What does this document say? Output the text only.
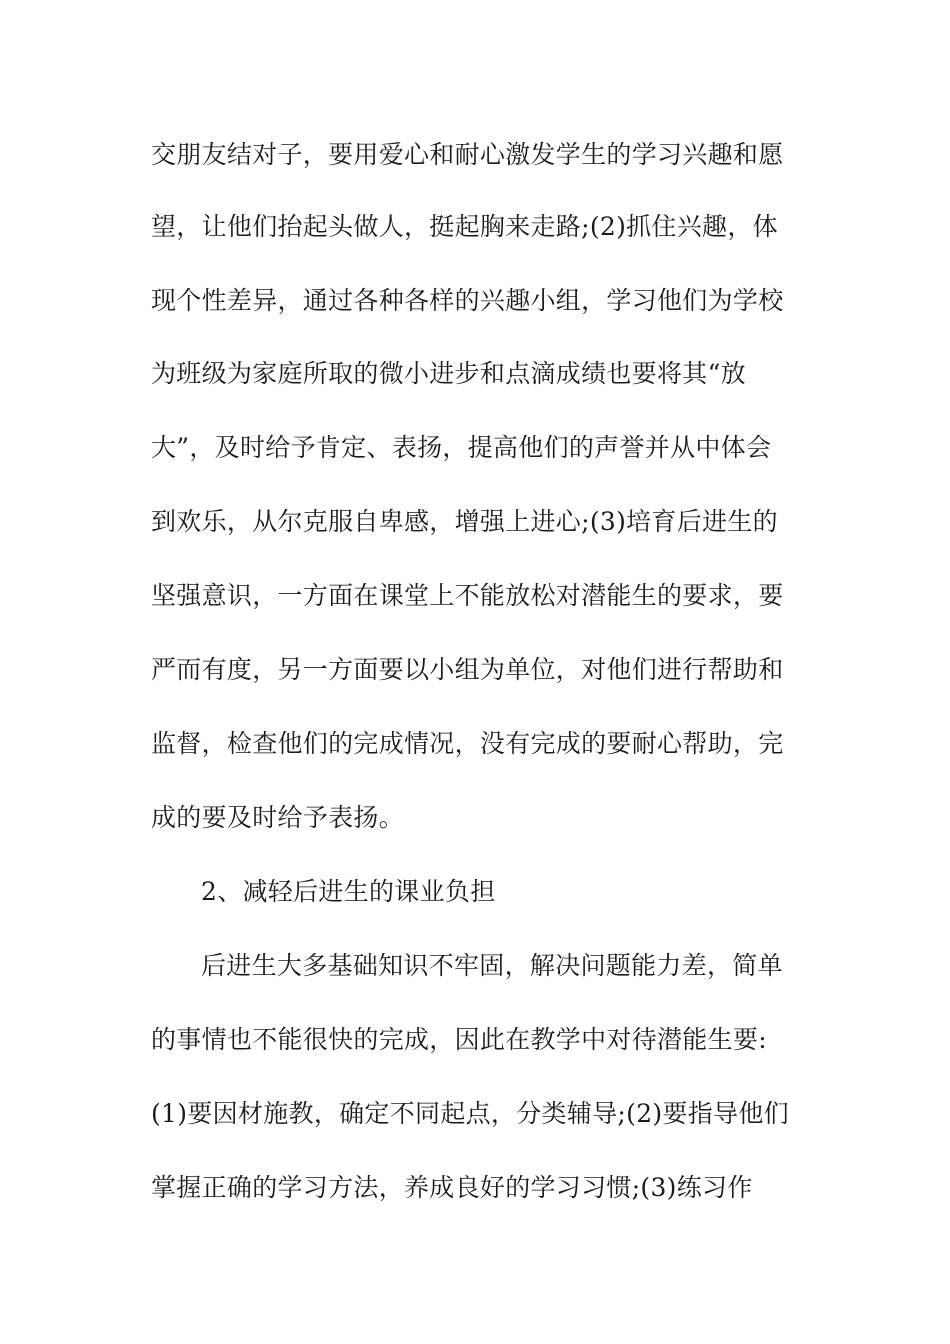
交朋友结对子，要用爱心和耐心激发学生的学习兴趣和愿
望，让他们抬起头做人，挺起胸来走路;(2)抓住兴趣，体
现个性差异，通过各种各样的兴趣小组，学习他们为学校
为班级为家庭所取的微小进步和点滴成绩也要将其“放
大”，及时给予肯定、表扬，提高他们的声誉并从中体会
到欢乐，从尔克服自卑感，增强上进心;(3)培育后进生的
坚强意识，一方面在课堂上不能放松对潜能生的要求，要
严而有度，另一方面要以小组为单位，对他们进行帮助和
监督，检查他们的完成情况，没有完成的要耐心帮助，完
成的要及时给予表扬。
2、减轻后进生的课业负担
后进生大多基础知识不牢固，解决问题能力差，简单
的事情也不能很快的完成，因此在教学中对待潜能生要:
(1)要因材施教，确定不同起点，分类辅导;(2)要指导他们
掌握正确的学习方法，养成良好的学习习惯;(3)练习作
